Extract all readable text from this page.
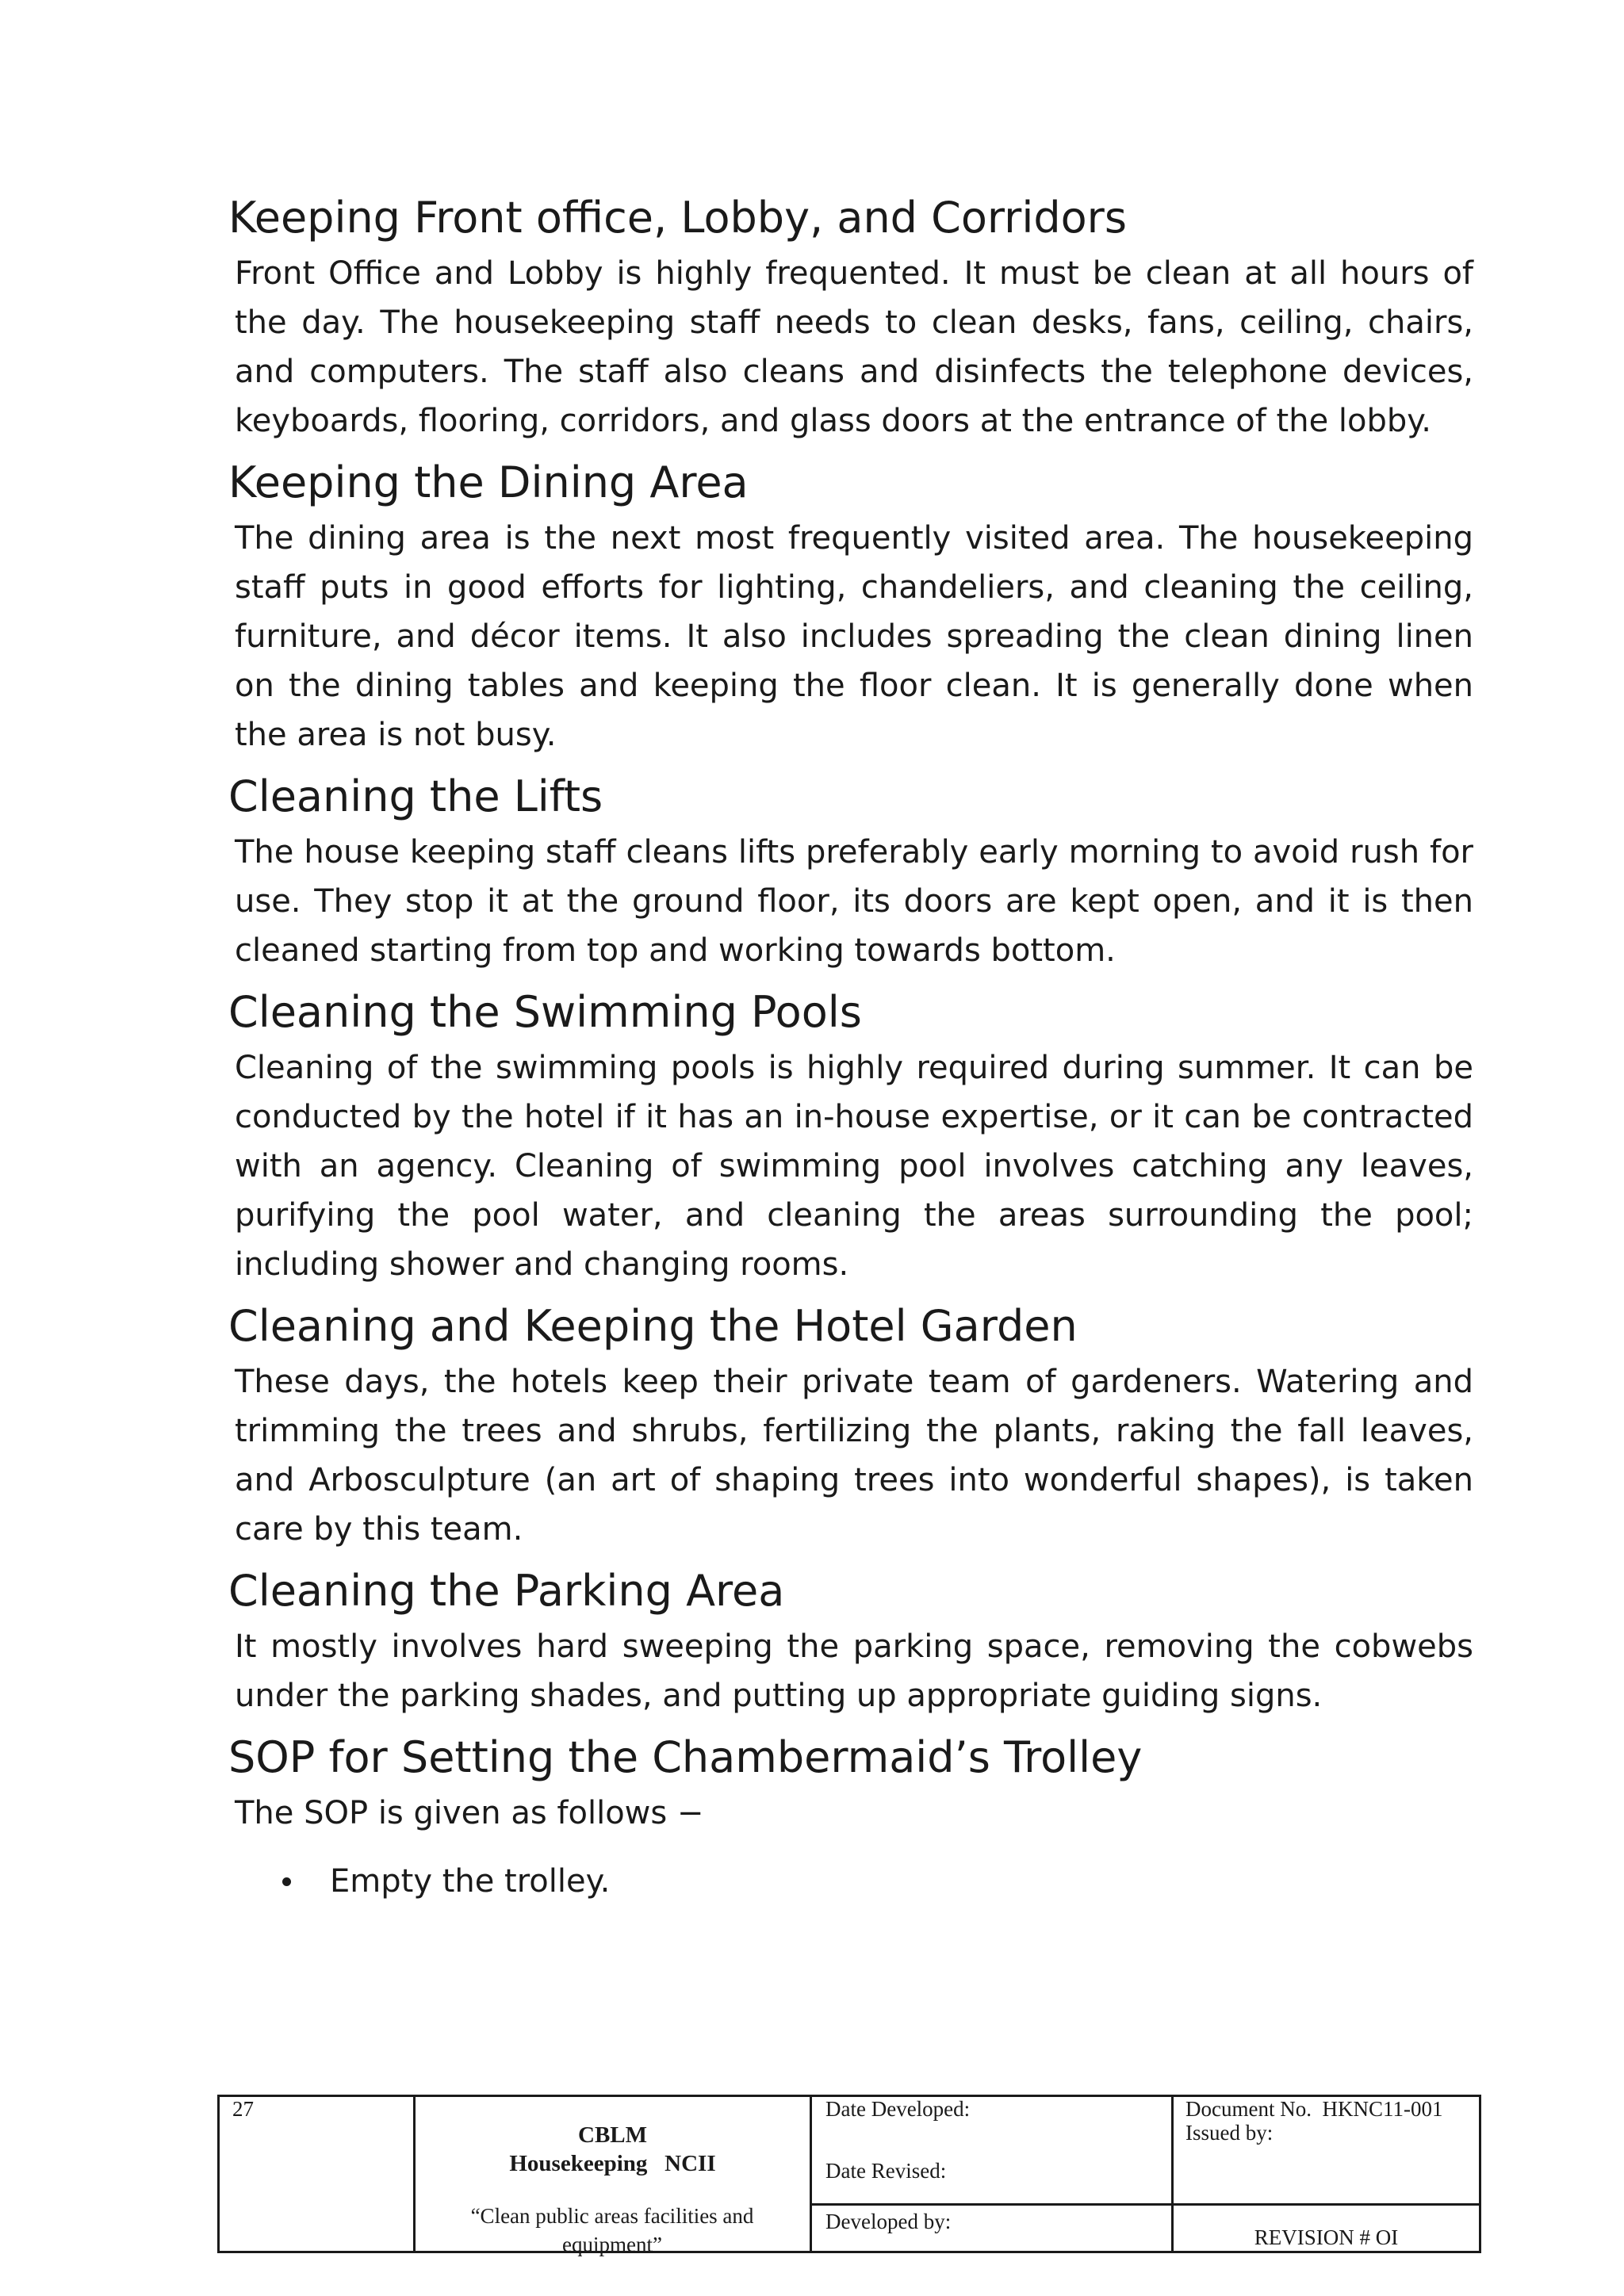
Keeping Front office, Lobby, and Corridors

Front Office and Lobby is highly frequented. It must be clean at all hours of the day. The housekeeping staff needs to clean desks, fans, ceiling, chairs, and computers. The staff also cleans and disinfects the telephone devices, keyboards, flooring, corridors, and glass doors at the entrance of the lobby.

Keeping the Dining Area

The dining area is the next most frequently visited area. The housekeeping staff puts in good efforts for lighting, chandeliers, and cleaning the ceiling, furniture, and décor items. It also includes spreading the clean dining linen on the dining tables and keeping the floor clean. It is generally done when the area is not busy.

Cleaning the Lifts

The house keeping staff cleans lifts preferably early morning to avoid rush for use. They stop it at the ground floor, its doors are kept open, and it is then cleaned starting from top and working towards bottom.

Cleaning the Swimming Pools

Cleaning of the swimming pools is highly required during summer. It can be conducted by the hotel if it has an in-house expertise, or it can be contracted with an agency. Cleaning of swimming pool involves catching any leaves, purifying the pool water, and cleaning the areas surrounding the pool; including shower and changing rooms.

Cleaning and Keeping the Hotel Garden

These days, the hotels keep their private team of gardeners. Watering and trimming the trees and shrubs, fertilizing the plants, raking the fall leaves, and Arbosculpture (an art of shaping trees into wonderful shapes), is taken care by this team.

Cleaning the Parking Area

It mostly involves hard sweeping the parking space, removing the cobwebs under the parking shades, and putting up appropriate guiding signs.

SOP for Setting the Chambermaid’s Trolley

The SOP is given as follows −

Empty the trolley.
27
CBLM
Housekeeping   NCII
“Clean public areas facilities and equipment”
Date Developed:
Date Revised:
Developed by:
Document No.  HKNC11-001
Issued by:
REVISION # OI
